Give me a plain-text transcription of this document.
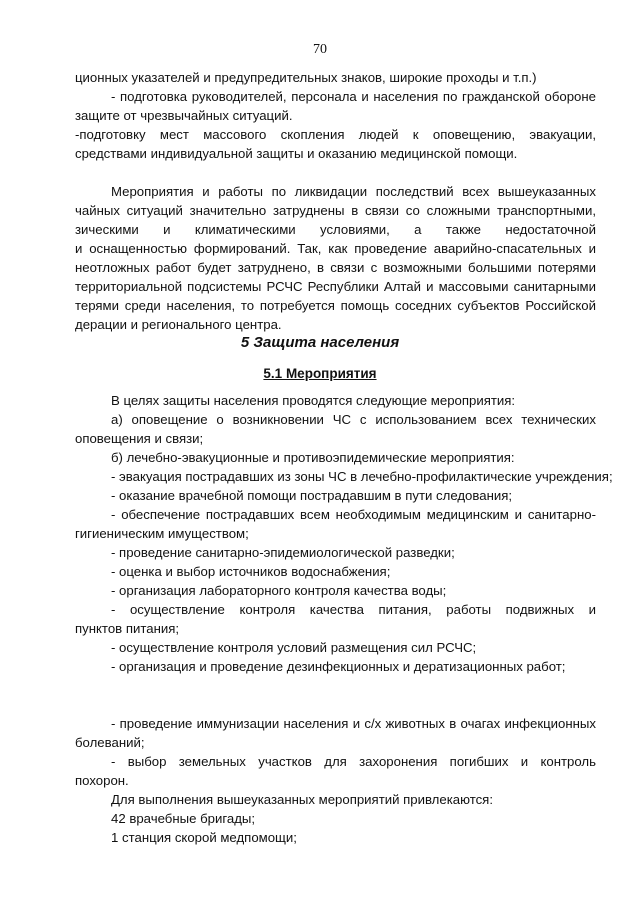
70
ционных указателей и предупредительных знаков, широкие проходы и т.п.)
- подготовка руководителей, персонала и населения по гражданской обороне
защите от чрезвычайных ситуаций.
-подготовку мест массового скопления людей к оповещению, эвакуации,
средствами индивидуальной защиты и оказанию медицинской помощи.
Мероприятия и работы по ликвидации последствий всех вышеуказанных
чайных ситуаций значительно затруднены в связи со сложными транспортными,
зическими и климатическими условиями, а также недостаточной
и оснащенностью формирований. Так, как проведение аварийно-спасательных и
неотложных работ будет затруднено, в связи с возможными большими потерями
территориальной подсистемы РСЧС Республики Алтай и массовыми санитарными
терями среди населения, то потребуется помощь соседних субъектов Российской
дерации и регионального центра.
5 Защита населения
5.1 Мероприятия
В целях защиты населения проводятся следующие мероприятия:
а) оповещение о возникновении ЧС с использованием всех технических
оповещения и связи;
б) лечебно-эвакуционные и противоэпидемические мероприятия:
- эвакуация пострадавших из зоны ЧС в лечебно-профилактические учреждения;
- оказание врачебной помощи пострадавшим в пути следования;
- обеспечение пострадавших всем необходимым медицинским и санитарно-
гигиеническим имуществом;
- проведение санитарно-эпидемиологической разведки;
- оценка и выбор источников водоснабжения;
- организация лабораторного контроля качества воды;
- осуществление контроля качества питания, работы подвижных и
пунктов питания;
- осуществление контроля условий размещения сил РСЧС;
- организация и проведение дезинфекционных и дератизационных работ;
- проведение иммунизации населения и с/х животных в очагах инфекционных
болеваний;
- выбор земельных участков для захоронения погибших и контроль
похорон.
Для выполнения вышеуказанных мероприятий привлекаются:
42 врачебные бригады;
1 станция скорой медпомощи;
